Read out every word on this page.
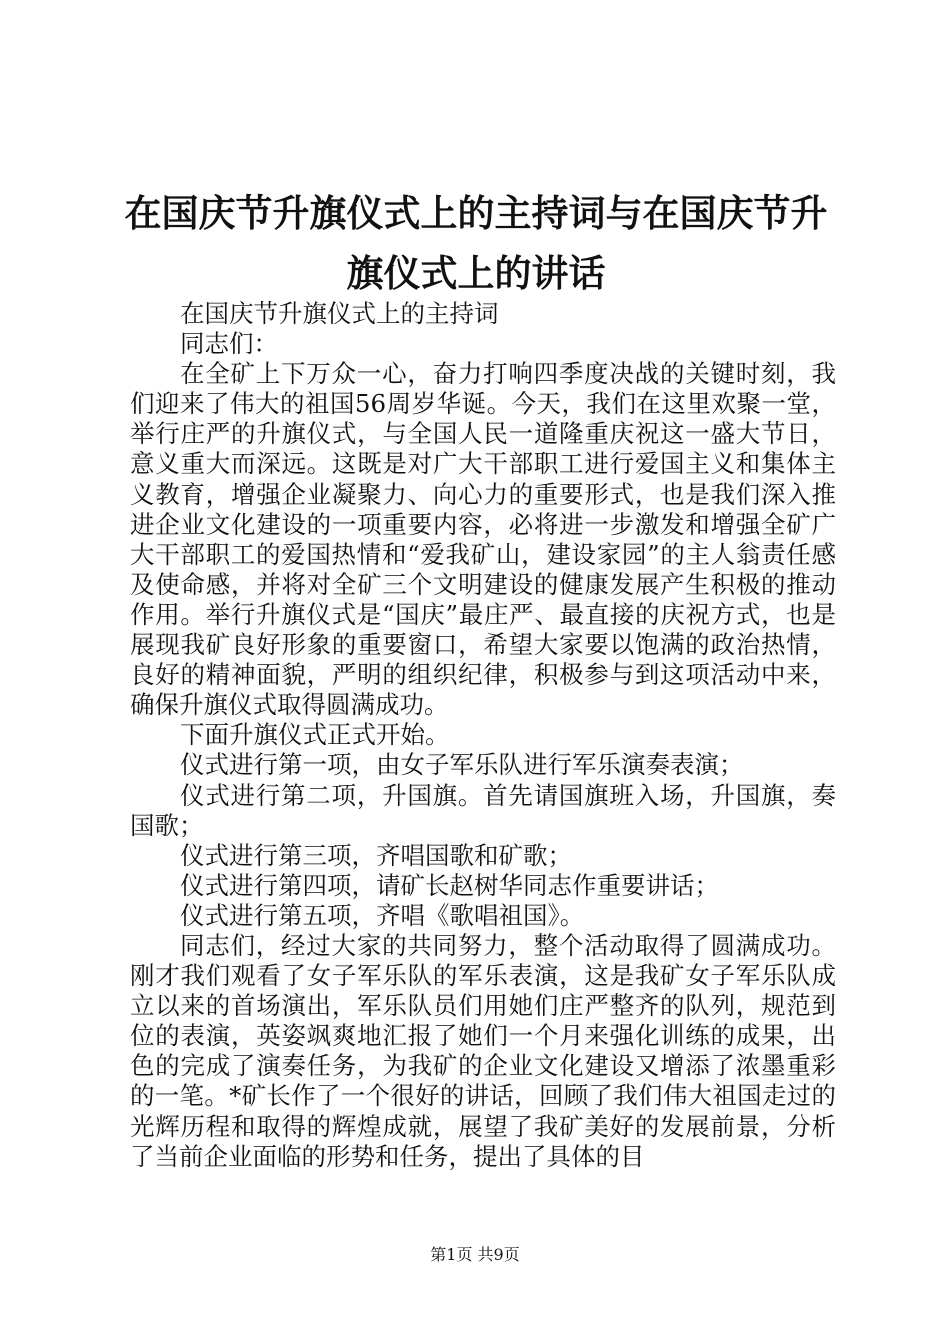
在国庆节升旗仪式上的主持词与在国庆节升旗仪式上的讲话

在国庆节升旗仪式上的主持词

同志们：

在全矿上下万众一心，奋力打响四季度决战的关键时刻，我们迎来了伟大的祖国56周岁华诞。今天，我们在这里欢聚一堂，举行庄严的升旗仪式，与全国人民一道隆重庆祝这一盛大节日，意义重大而深远。这既是对广大干部职工进行爱国主义和集体主义教育，增强企业凝聚力、向心力的重要形式，也是我们深入推进企业文化建设的一项重要内容，必将进一步激发和增强全矿广大干部职工的爱国热情和“爱我矿山，建设家园”的主人翁责任感及使命感，并将对全矿三个文明建设的健康发展产生积极的推动作用。举行升旗仪式是“国庆”最庄严、最直接的庆祝方式，也是展现我矿良好形象的重要窗口，希望大家要以饱满的政治热情，良好的精神面貌，严明的组织纪律，积极参与到这项活动中来，确保升旗仪式取得圆满成功。

下面升旗仪式正式开始。

仪式进行第一项，由女子军乐队进行军乐演奏表演；

仪式进行第二项，升国旗。首先请国旗班入场，升国旗，奏国歌；

仪式进行第三项，齐唱国歌和矿歌；

仪式进行第四项，请矿长赵树华同志作重要讲话；

仪式进行第五项，齐唱《歌唱祖国》。

同志们，经过大家的共同努力，整个活动取得了圆满成功。刚才我们观看了女子军乐队的军乐表演，这是我矿女子军乐队成立以来的首场演出，军乐队员们用她们庄严整齐的队列，规范到位的表演，英姿飒爽地汇报了她们一个月来强化训练的成果，出色的完成了演奏任务，为我矿的企业文化建设又增添了浓墨重彩的一笔。*矿长作了一个很好的讲话，回顾了我们伟大祖国走过的光辉历程和取得的辉煌成就，展望了我矿美好的发展前景，分析了当前企业面临的形势和任务，提出了具体的目

第1页 共9页
